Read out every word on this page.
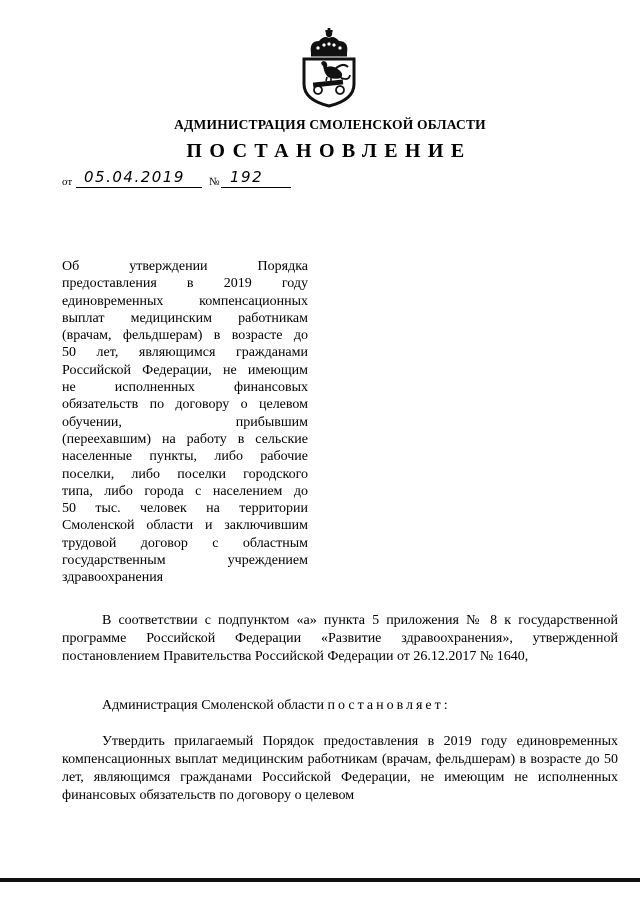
АДМИНИСТРАЦИЯ СМОЛЕНСКОЙ ОБЛАСТИ
ПОСТАНОВЛЕНИЕ
от 05.04.2019 № 192
Об утверждении Порядка
предоставления в 2019 году
единовременных компенсационных
выплат медицинским работникам
(врачам, фельдшерам) в возрасте до
50 лет, являющимся гражданами
Российской Федерации, не имеющим
не исполненных финансовых
обязательств по договору о целевом
обучении, прибывшим
(переехавшим) на работу в сельские
населенные пункты, либо рабочие
поселки, либо поселки городского
типа, либо города с населением до
50 тыс. человек на территории
Смоленской области и заключившим
трудовой договор с областным
государственным учреждением
здравоохранения

В соответствии с подпунктом «а» пункта 5 приложения № 8 к государственной программе Российской Федерации «Развитие здравоохранения», утвержденной постановлением Правительства Российской Федерации от 26.12.2017 № 1640,

Администрация Смоленской области постановляет:

Утвердить прилагаемый Порядок предоставления в 2019 году единовременных компенсационных выплат медицинским работникам (врачам, фельдшерам) в возрасте до 50 лет, являющимся гражданами Российской Федерации, не имеющим не исполненных финансовых обязательств по договору о целевом
